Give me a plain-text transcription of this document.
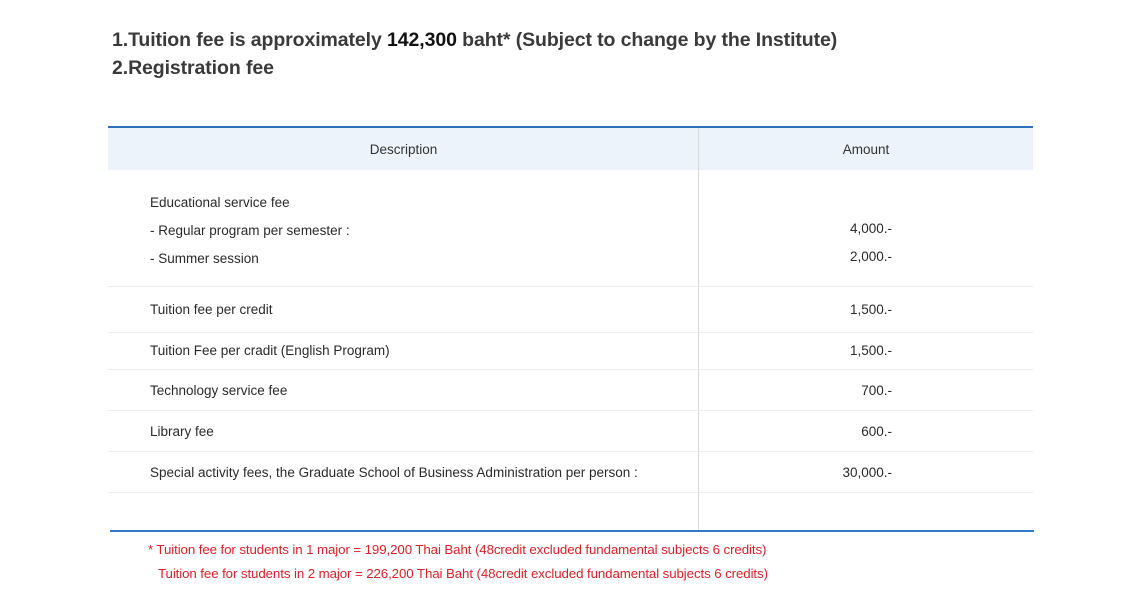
1.Tuition fee is approximately 142,300 baht* (Subject to change by the Institute)
2.Registration fee
Description	Amount
Educational service fee
- Regular program per semester :	4,000.-
- Summer session	2,000.-
Tuition fee per credit	1,500.-
Tuition Fee per cradit (English Program)	1,500.-
Technology service fee	700.-
Library fee	600.-
Special activity fees, the Graduate School of Business Administration per person :	30,000.-
* Tuition fee for students in 1 major = 199,200 Thai Baht (48credit excluded fundamental subjects 6 credits)
Tuition fee for students in 2 major = 226,200 Thai Baht (48credit excluded fundamental subjects 6 credits)
